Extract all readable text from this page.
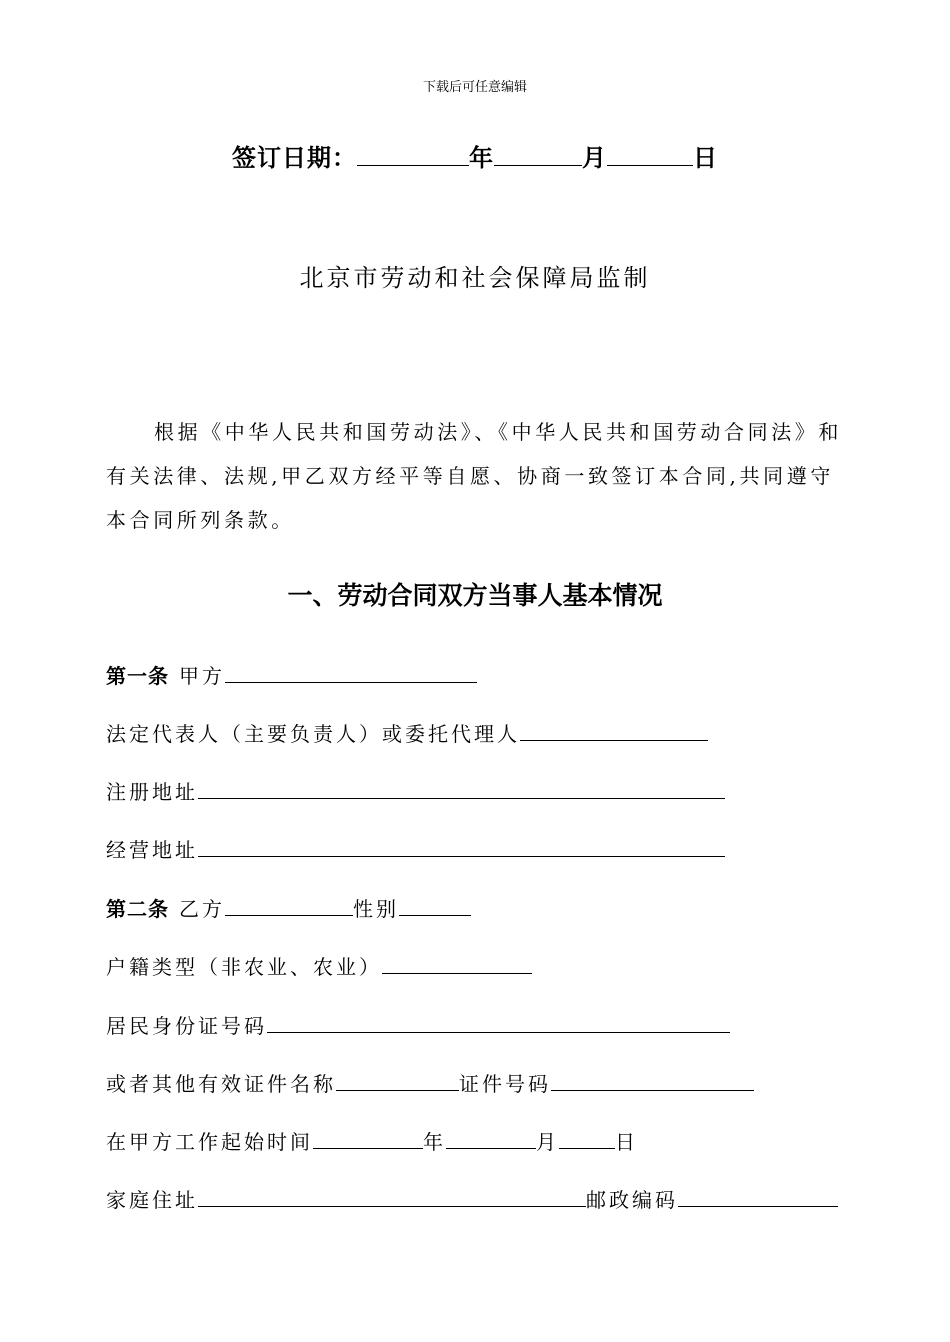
下载后可任意编辑
签订日期：	年	月	日
北京市劳动和社会保障局监制
根据《中华人民共和国劳动法》、《中华人民共和国劳动合同法》和有关法律、法规,甲乙双方经平等自愿、协商一致签订本合同,共同遵守本合同所列条款。
一、劳动合同双方当事人基本情况
第一条 甲方
法定代表人（主要负责人）或委托代理人
注册地址
经营地址
第二条 乙方	性别
户籍类型（非农业、农业）
居民身份证号码
或者其他有效证件名称	证件号码
在甲方工作起始时间	年	月	日
家庭住址	邮政编码
